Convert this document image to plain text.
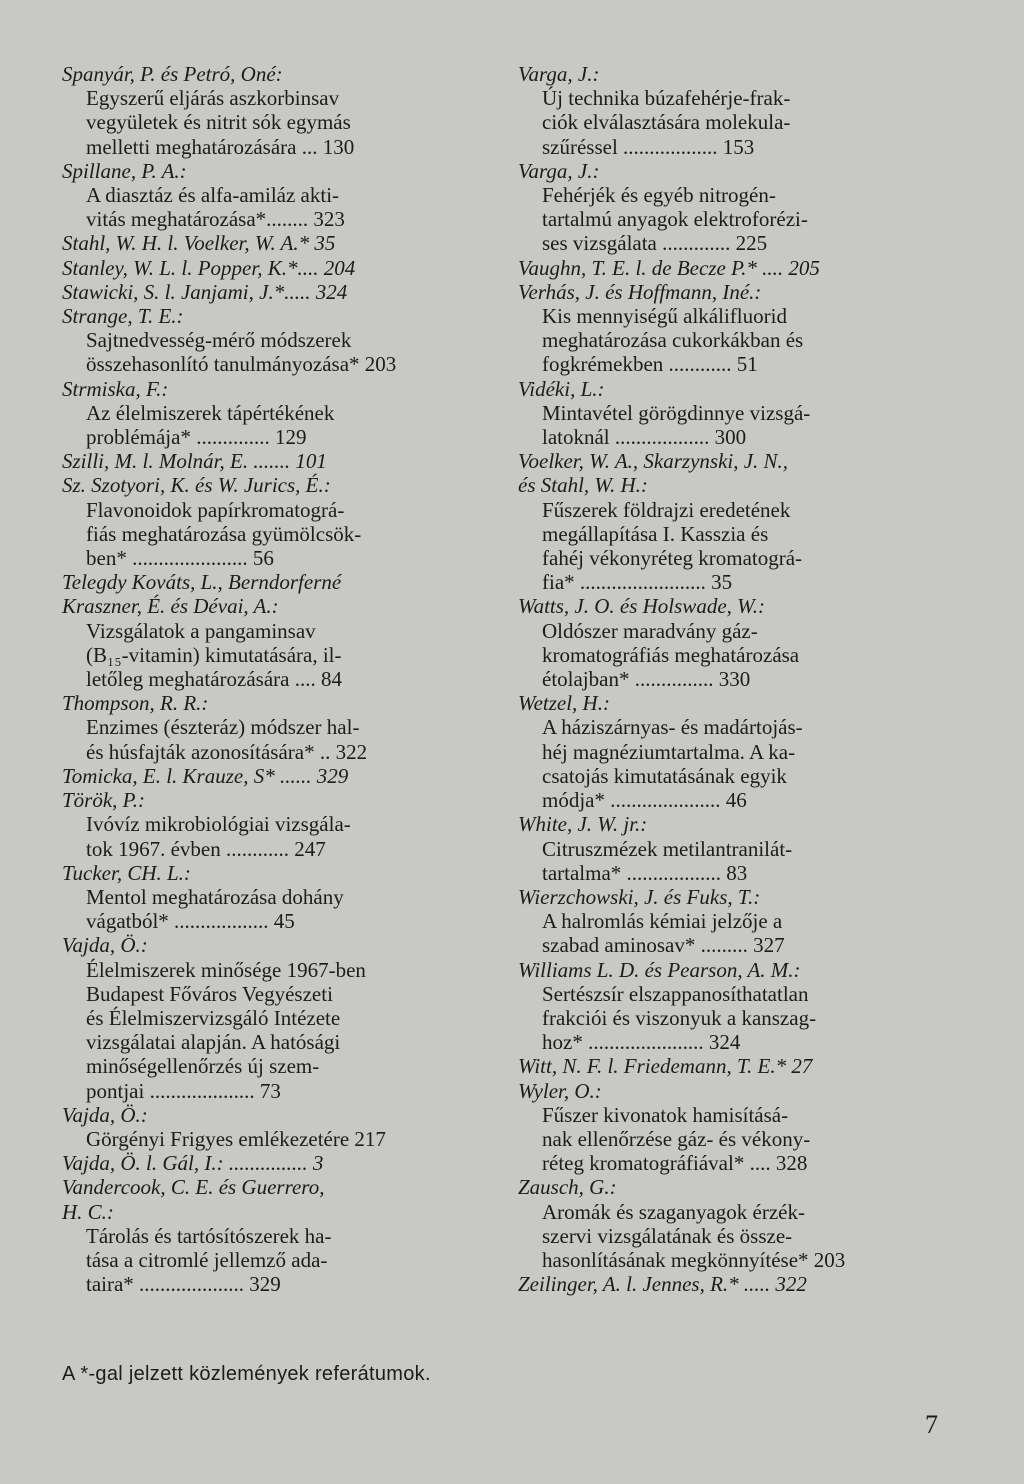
Spanyár, P. és Petró, Oné:
Egyszerű eljárás aszkorbinsav
vegyületek és nitrit sók egymás
melletti meghatározására ... 130
Spillane, P. A.:
A diasztáz és alfa-amiláz akti-
vitás meghatározása*........ 323
Stahl, W. H. l. Voelker, W. A.* 35
Stanley, W. L. l. Popper, K.*.... 204
Stawicki, S. l. Janjami, J.*..... 324
Strange, T. E.:
Sajtnedvesség-mérő módszerek
összehasonlító tanulmányozása* 203
Strmiska, F.:
Az élelmiszerek tápértékének
problémája* .............. 129
Szilli, M. l. Molnár, E. ....... 101
Sz. Szotyori, K. és W. Jurics, É.:
Flavonoidok papírkromatográ-
fiás meghatározása gyümölcsök-
ben* ...................... 56
Telegdy Kováts, L., Berndorferné
Kraszner, É. és Dévai, A.:
Vizsgálatok a pangaminsav
(B₁₅-vitamin) kimutatására, il-
letőleg meghatározására .... 84
Thompson, R. R.:
Enzimes (észteráz) módszer hal-
és húsfajták azonosítására* .. 322
Tomicka, E. l. Krauze, S* ...... 329
Török, P.:
Ivóvíz mikrobiológiai vizsgála-
tok 1967. évben ............ 247
Tucker, CH. L.:
Mentol meghatározása dohány
vágatból* .................. 45
Vajda, Ö.:
Élelmiszerek minősége 1967-ben
Budapest Főváros Vegyészeti
és Élelmiszervizsgáló Intézete
vizsgálatai alapján. A hatósági
minőségellenőrzés új szem-
pontjai .................... 73
Vajda, Ö.:
Görgényi Frigyes emlékezetére 217
Vajda, Ö. l. Gál, I.: ............... 3
Vandercook, C. E. és Guerrero,
H. C.:
Tárolás és tartósítószerek ha-
tása a citromlé jellemző ada-
taira* .................... 329
Varga, J.:
Új technika búzafehérje-frak-
ciók elválasztására molekula-
szűréssel .................. 153
Varga, J.:
Fehérjék és egyéb nitrogén-
tartalmú anyagok elektroforézi-
ses vizsgálata ............. 225
Vaughn, T. E. l. de Becze P.* .... 205
Verhás, J. és Hoffmann, Iné.:
Kis mennyiségű alkálifluorid
meghatározása cukorkákban és
fogkrémekben ............ 51
Vidéki, L.:
Mintavétel görögdinnye vizsgá-
latoknál .................. 300
Voelker, W. A., Skarzynski, J. N.,
és Stahl, W. H.:
Fűszerek földrajzi eredetének
megállapítása I. Kasszia és
fahéj vékonyréteg kromatográ-
fia* ........................ 35
Watts, J. O. és Holswade, W.:
Oldószer maradvány gáz-
kromatográfiás meghatározása
étolajban* ............... 330
Wetzel, H.:
A háziszárnyas- és madártojás-
héj magnéziumtartalma. A ka-
csatojás kimutatásának egyik
módja* ..................... 46
White, J. W. jr.:
Citruszmézek metilantranilát-
tartalma* .................. 83
Wierzchowski, J. és Fuks, T.:
A halromlás kémiai jelzője a
szabad aminosav* ......... 327
Williams L. D. és Pearson, A. M.:
Sertészsír elszappanosíthatatlan
frakciói és viszonyuk a kanszag-
hoz* ...................... 324
Witt, N. F. l. Friedemann, T. E.* 27
Wyler, O.:
Fűszer kivonatok hamisításá-
nak ellenőrzése gáz- és vékony-
réteg kromatográfiával* .... 328
Zausch, G.:
Aromák és szaganyagok érzék-
szervi vizsgálatának és össze-
hasonlításának megkönnyítése* 203
Zeilinger, A. l. Jennes, R.* ..... 322
A *-gal jelzett közlemények referátumok.
7
